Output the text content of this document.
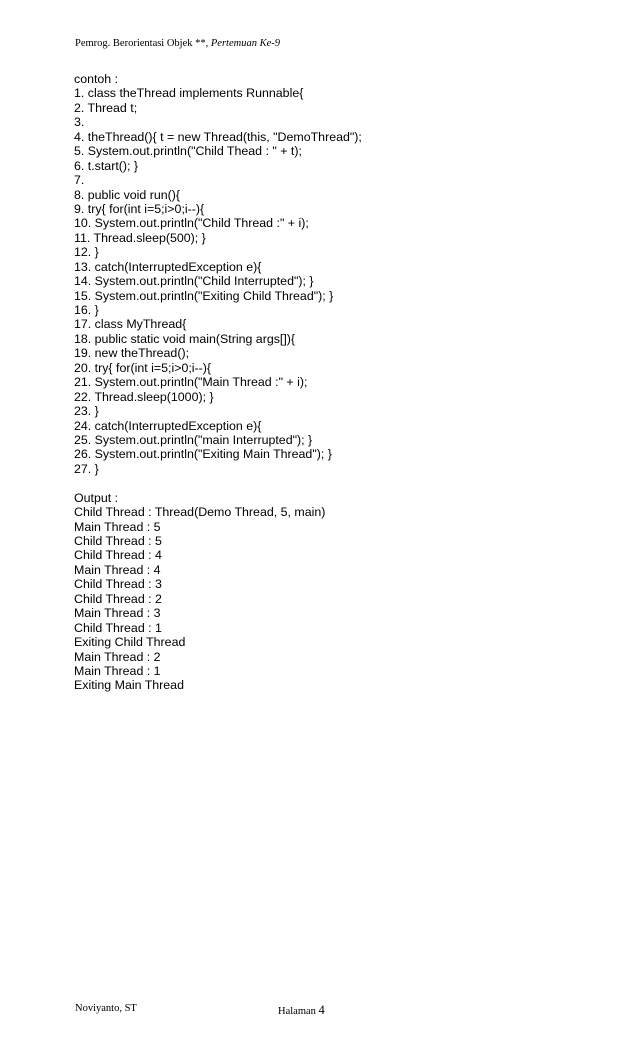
Pemrog. Berorientasi Objek **, Pertemuan Ke-9
contoh :
1. class theThread implements Runnable{
2. Thread t;
3.
4. theThread(){ t = new Thread(this, "DemoThread");
5. System.out.println("Child Thead : " + t);
6. t.start(); }
7.
8. public void run(){
9. try{ for(int i=5;i>0;i--){
10. System.out.println("Child Thread :" + i);
11. Thread.sleep(500); }
12. }
13. catch(InterruptedException e){
14. System.out.println("Child Interrupted"); }
15. System.out.println("Exiting Child Thread"); }
16. }
17. class MyThread{
18. public static void main(String args[]){
19. new theThread();
20. try{ for(int i=5;i>0;i--){
21. System.out.println("Main Thread :" + i);
22. Thread.sleep(1000); }
23. }
24. catch(InterruptedException e){
25. System.out.println("main Interrupted"); }
26. System.out.println("Exiting Main Thread"); }
27. }
Output :
Child Thread : Thread(Demo Thread, 5, main)
Main Thread : 5
Child Thread : 5
Child Thread : 4
Main Thread : 4
Child Thread : 3
Child Thread : 2
Main Thread : 3
Child Thread : 1
Exiting Child Thread
Main Thread : 2
Main Thread : 1
Exiting Main Thread
Noviyanto, ST	Halaman 4
